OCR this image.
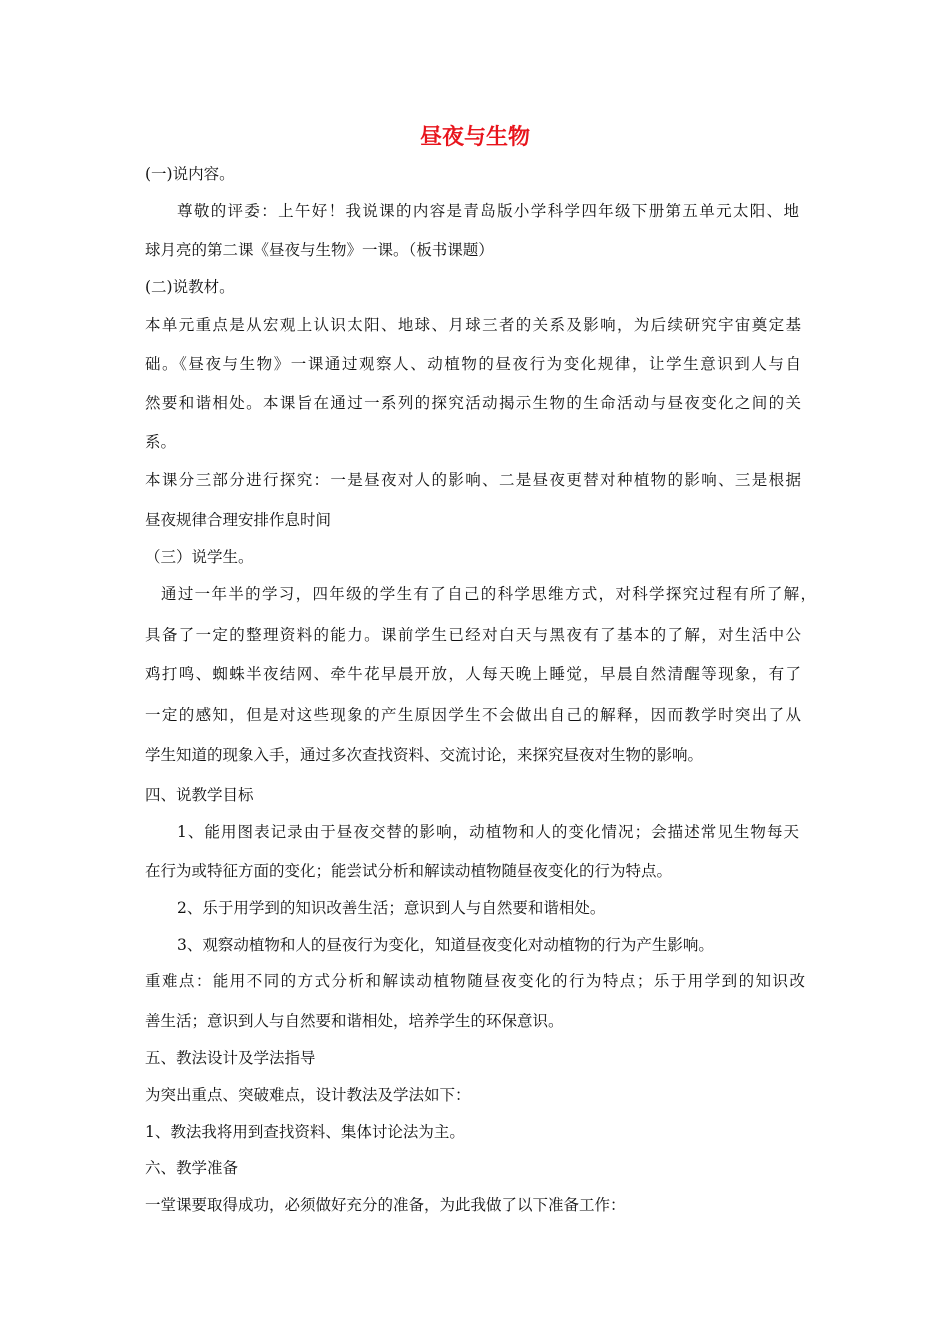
昼夜与生物
(一)说内容。
尊敬的评委：上午好！我说课的内容是青岛版小学科学四年级下册第五单元太阳、地
球月亮的第二课《昼夜与生物》一课。（板书课题）
(二)说教材。
本单元重点是从宏观上认识太阳、地球、月球三者的关系及影响，为后续研究宇宙奠定基
础。《昼夜与生物》一课通过观察人、动植物的昼夜行为变化规律，让学生意识到人与自
然要和谐相处。本课旨在通过一系列的探究活动揭示生物的生命活动与昼夜变化之间的关
系。
本课分三部分进行探究：一是昼夜对人的影响、二是昼夜更替对种植物的影响、三是根据
昼夜规律合理安排作息时间
（三）说学生。
通过一年半的学习，四年级的学生有了自己的科学思维方式，对科学探究过程有所了解，
具备了一定的整理资料的能力。课前学生已经对白天与黑夜有了基本的了解，对生活中公
鸡打鸣、蜘蛛半夜结网、牵牛花早晨开放，人每天晚上睡觉，早晨自然清醒等现象，有了
一定的感知，但是对这些现象的产生原因学生不会做出自己的解释，因而教学时突出了从
学生知道的现象入手，通过多次查找资料、交流讨论，来探究昼夜对生物的影响。
四、说教学目标
1、能用图表记录由于昼夜交替的影响，动植物和人的变化情况；会描述常见生物每天
在行为或特征方面的变化；能尝试分析和解读动植物随昼夜变化的行为特点。
2、乐于用学到的知识改善生活；意识到人与自然要和谐相处。
3、观察动植物和人的昼夜行为变化，知道昼夜变化对动植物的行为产生影响。
重难点：能用不同的方式分析和解读动植物随昼夜变化的行为特点；乐于用学到的知识改
善生活；意识到人与自然要和谐相处，培养学生的环保意识。
五、教法设计及学法指导
为突出重点、突破难点，设计教法及学法如下：
1、教法我将用到查找资料、集体讨论法为主。
六、教学准备
一堂课要取得成功，必须做好充分的准备，为此我做了以下准备工作：
